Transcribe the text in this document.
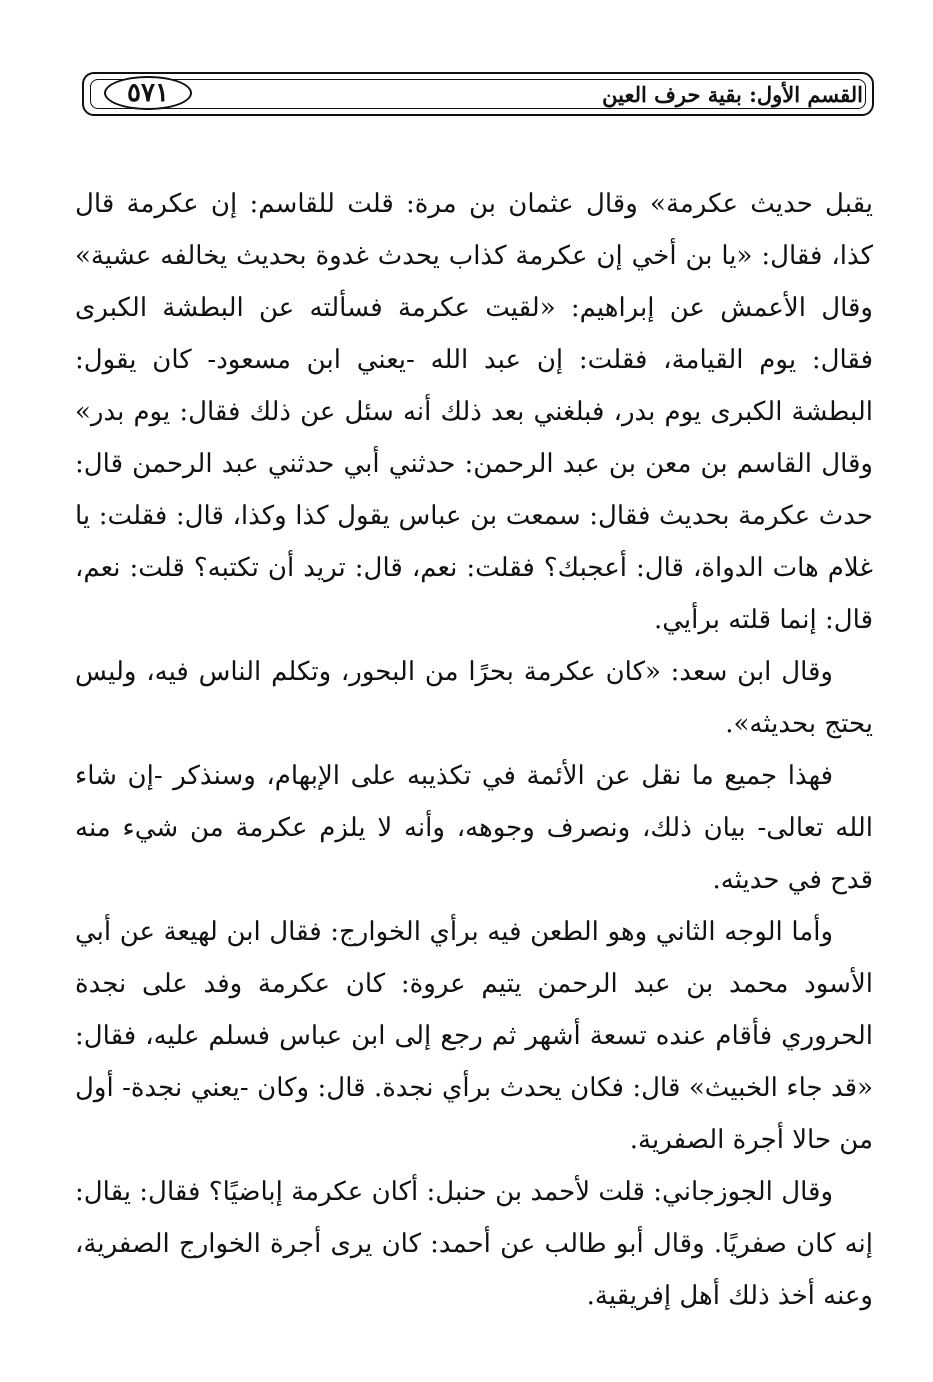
٥٧١	القسم الأول: بقية حرف العين

يقبل حديث عكرمة» وقال عثمان بن مرة: قلت للقاسم: إن عكرمة قال كذا، فقال: «يا بن أخي إن عكرمة كذاب يحدث غدوة بحديث يخالفه عشية» وقال الأعمش عن إبراهيم: «لقيت عكرمة فسألته عن البطشة الكبرى فقال: يوم القيامة، فقلت: إن عبد الله -يعني ابن مسعود- كان يقول: البطشة الكبرى يوم بدر، فبلغني بعد ذلك أنه سئل عن ذلك فقال: يوم بدر» وقال القاسم بن معن بن عبد الرحمن: حدثني أبي حدثني عبد الرحمن قال: حدث عكرمة بحديث فقال: سمعت بن عباس يقول كذا وكذا، قال: فقلت: يا غلام هات الدواة، قال: أعجبك؟ فقلت: نعم، قال: تريد أن تكتبه؟ قلت: نعم، قال: إنما قلته برأيي.

وقال ابن سعد: «كان عكرمة بحرًا من البحور، وتكلم الناس فيه، وليس يحتج بحديثه».

فهذا جميع ما نقل عن الأئمة في تكذيبه على الإبهام، وسنذكر -إن شاء الله تعالى- بيان ذلك، ونصرف وجوهه، وأنه لا يلزم عكرمة من شيء منه قدح في حديثه.

وأما الوجه الثاني وهو الطعن فيه برأي الخوارج: فقال ابن لهيعة عن أبي الأسود محمد بن عبد الرحمن يتيم عروة: كان عكرمة وفد على نجدة الحروري فأقام عنده تسعة أشهر ثم رجع إلى ابن عباس فسلم عليه، فقال: «قد جاء الخبيث» قال: فكان يحدث برأي نجدة. قال: وكان -يعني نجدة- أول من حالا أجرة الصفرية.

وقال الجوزجاني: قلت لأحمد بن حنبل: أكان عكرمة إباضيًا؟ فقال: يقال: إنه كان صفريًا. وقال أبو طالب عن أحمد: كان يرى أجرة الخوارج الصفرية، وعنه أخذ ذلك أهل إفريقية.
